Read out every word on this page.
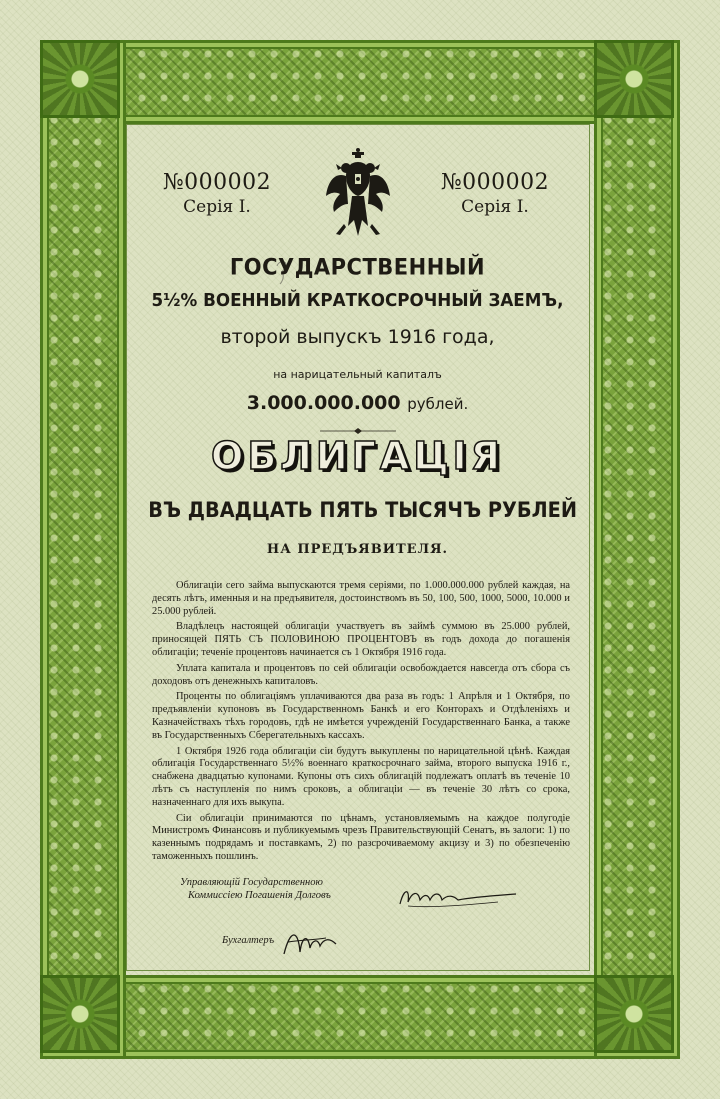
№000002
Серія I.
№000002
Серія I.
ГОСУДАРСТВЕННЫЙ
5½% ВОЕННЫЙ КРАТКОСРОЧНЫЙ ЗАЕМЪ,
второй выпускъ 1916 года,
на нарицательный капиталъ
3.000.000.000 рублей.
ОБЛИГАЦІЯ
ВЪ ДВАДЦАТЬ ПЯТЬ ТЫСЯЧЪ РУБЛЕЙ
НА ПРЕДЪЯВИТЕЛЯ.

Облигаціи сего займа выпускаются тремя серіями, по 1.000.000.000 рублей каждая, на десять лѣтъ, именныя и на предъявителя, достоинствомъ въ 50, 100, 500, 1000, 5000, 10.000 и 25.000 рублей.

Владѣлецъ настоящей облигаціи участвуетъ въ займѣ суммою въ 25.000 рублей, приносящей ПЯТЬ СЪ ПОЛОВИНОЮ ПРОЦЕНТОВЪ въ годъ дохода до погашенія облигаціи; теченіе процентовъ начинается съ 1 Октября 1916 года.

Уплата капитала и процентовъ по сей облигаціи освобождается навсегда отъ сбора съ доходовъ отъ денежныхъ капиталовъ.

Проценты по облигаціямъ уплачиваются два раза въ годъ: 1 Апрѣля и 1 Октября, по предъявленіи купоновъ въ Государственномъ Банкѣ и его Конторахъ и Отдѣленіяхъ и Казначействахъ тѣхъ городовъ, гдѣ не имѣется учрежденій Государственнаго Банка, а также въ Государственныхъ Сберегательныхъ кассахъ.

1 Октября 1926 года облигаціи сіи будутъ выкуплены по нарицательной цѣнѣ. Каждая облигація Государственнаго 5½% военнаго краткосрочнаго займа, второго выпуска 1916 г., снабжена двадцатью купонами. Купоны отъ сихъ облигацій подлежатъ оплатѣ въ теченіе 10 лѣтъ съ наступленія по нимъ сроковъ, а облигаціи — въ теченіе 30 лѣтъ со срока, назначеннаго для ихъ выкупа.

Сіи облигаціи принимаются по цѣнамъ, установляемымъ на каждое полугодіе Министромъ Финансовъ и публикуемымъ чрезъ Правительствующій Сенатъ, въ залоги: 1) по казеннымъ подрядамъ и поставкамъ, 2) по разсрочиваемому акцизу и 3) по обезпеченію таможенныхъ пошлинъ.

Управляющій Государственною
Коммиссіею Погашенія Долговъ
Бухгалтеръ
